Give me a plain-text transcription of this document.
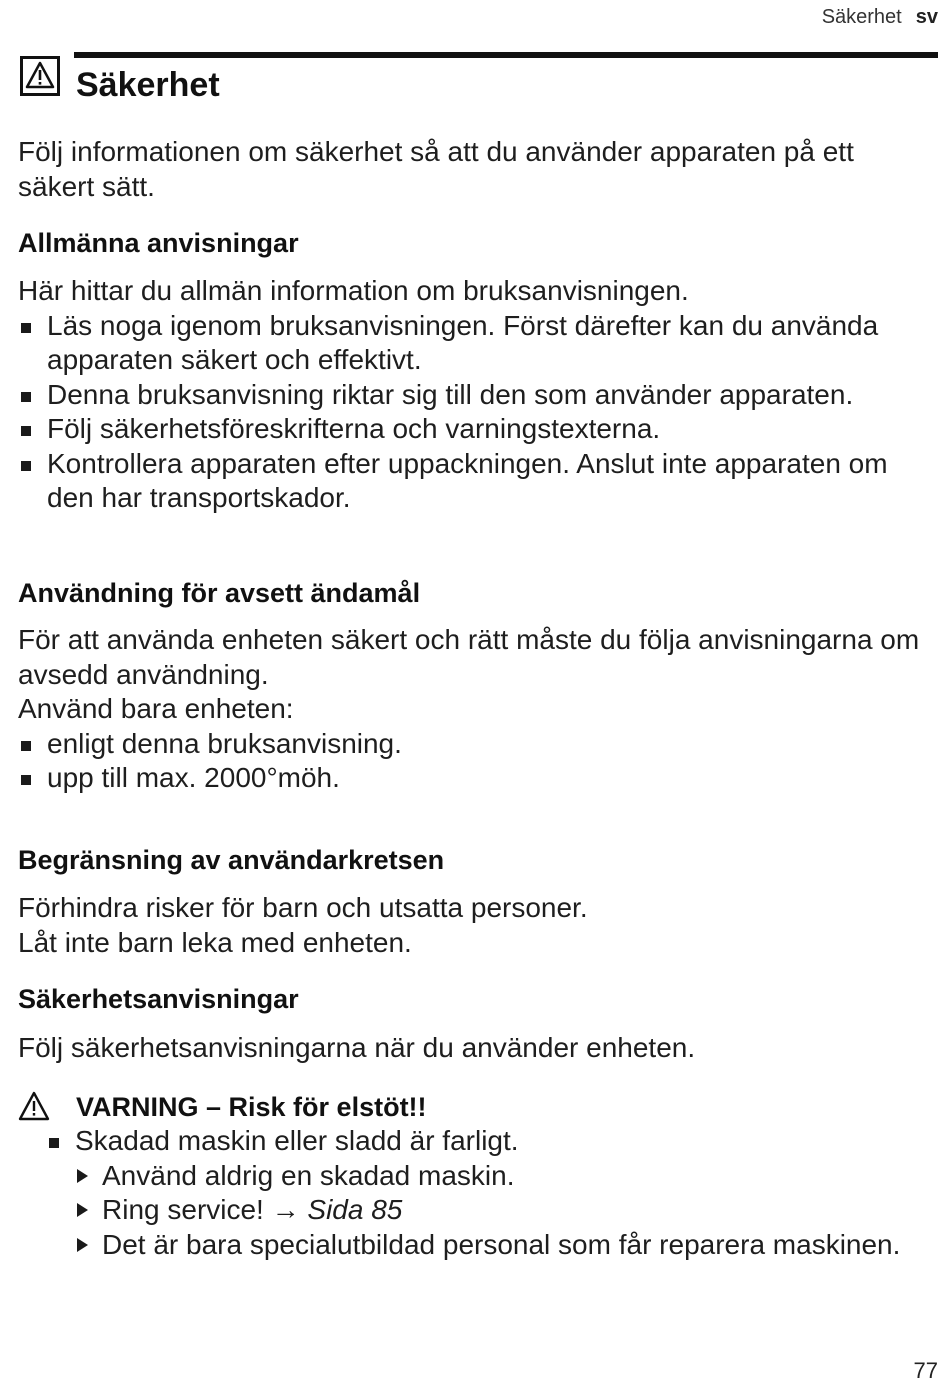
Säkerhet sv
Säkerhet

Följ informationen om säkerhet så att du använder apparaten på ett säkert sätt.

Allmänna anvisningar

Här hittar du allmän information om bruksanvisningen.

Läs noga igenom bruksanvisningen. Först därefter kan du använda apparaten säkert och effektivt.
Denna bruksanvisning riktar sig till den som använder apparaten.
Följ säkerhetsföreskrifterna och varningstexterna.
Kontrollera apparaten efter uppackningen. Anslut inte apparaten om den har transportskador.
Användning för avsett ändamål

För att använda enheten säkert och rätt måste du följa anvisningarna om avsedd användning.

Använd bara enheten:

enligt denna bruksanvisning.
upp till max. 2000°möh.
Begränsning av användarkretsen

Förhindra risker för barn och utsatta personer.

Låt inte barn leka med enheten.

Säkerhetsanvisningar

Följ säkerhetsanvisningarna när du använder enheten.

VARNING – Risk för elstöt!!
Skadad maskin eller sladd är farligt.
Använd aldrig en skadad maskin.
Ring service! → Sida 85
Det är bara specialutbildad personal som får reparera maskinen.
77
